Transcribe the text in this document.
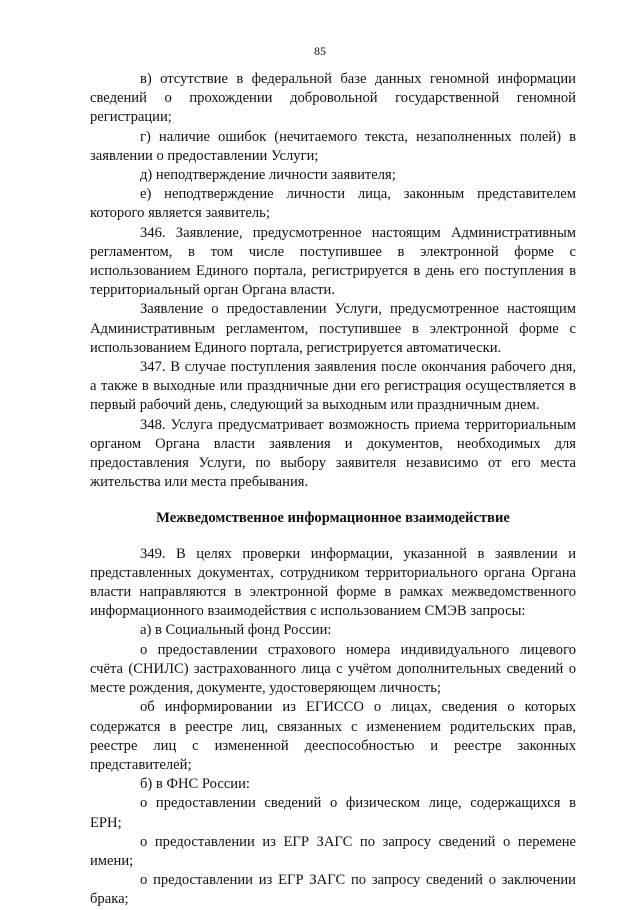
85

в) отсутствие в федеральной базе данных геномной информации сведений о прохождении добровольной государственной геномной регистрации;

г) наличие ошибок (нечитаемого текста, незаполненных полей) в заявлении о предоставлении Услуги;

д) неподтверждение личности заявителя;

е) неподтверждение личности лица, законным представителем которого является заявитель;

346. Заявление, предусмотренное настоящим Административным регламентом, в том числе поступившее в электронной форме с использованием Единого портала, регистрируется в день его поступления в территориальный орган Органа власти.

Заявление о предоставлении Услуги, предусмотренное настоящим Административным регламентом, поступившее в электронной форме с использованием Единого портала, регистрируется автоматически.

347. В случае поступления заявления после окончания рабочего дня, а также в выходные или праздничные дни его регистрация осуществляется в первый рабочий день, следующий за выходным или праздничным днем.

348. Услуга предусматривает возможность приема территориальным органом Органа власти заявления и документов, необходимых для предоставления Услуги, по выбору заявителя независимо от его места жительства или места пребывания.

Межведомственное информационное взаимодействие

349. В целях проверки информации, указанной в заявлении и представленных документах, сотрудником территориального органа Органа власти направляются в электронной форме в рамках межведомственного информационного взаимодействия с использованием СМЭВ запросы:

а) в Социальный фонд России:

о предоставлении страхового номера индивидуального лицевого счёта (СНИЛС) застрахованного лица с учётом дополнительных сведений о месте рождения, документе, удостоверяющем личность;

об информировании из ЕГИССО о лицах, сведения о которых содержатся в реестре лиц, связанных с изменением родительских прав, реестре лиц с измененной дееспособностью и реестре законных представителей;

б) в ФНС России:

о предоставлении сведений о физическом лице, содержащихся в ЕРН;

о предоставлении из ЕГР ЗАГС по запросу сведений о перемене имени;

о предоставлении из ЕГР ЗАГС по запросу сведений о заключении брака;
